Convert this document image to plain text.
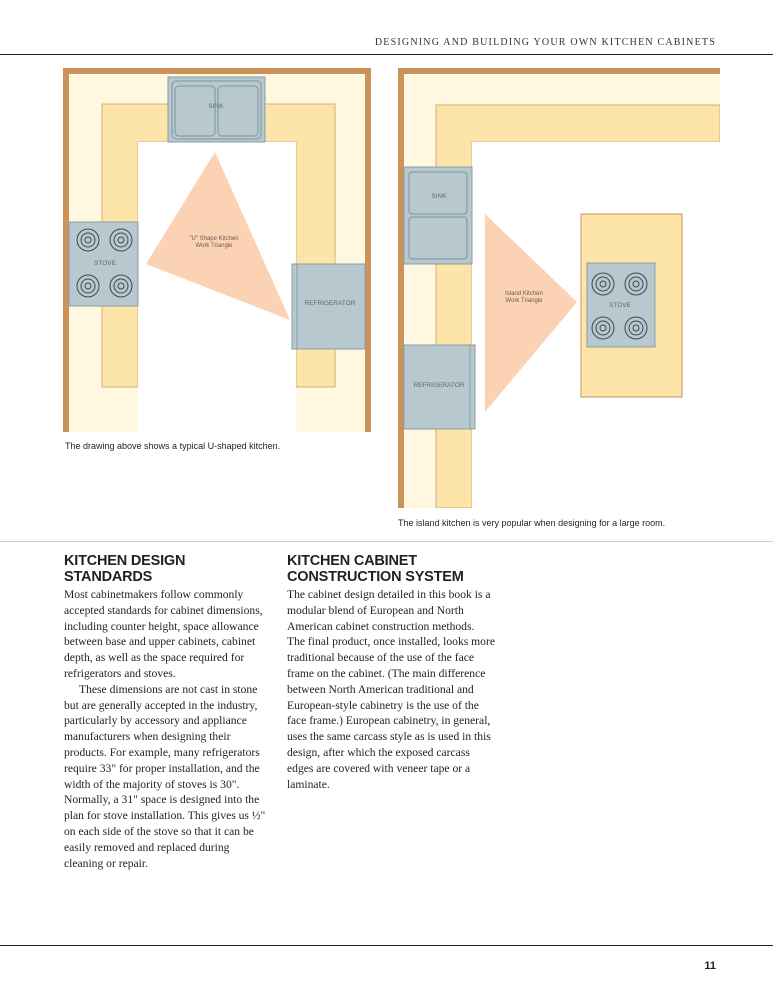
DESIGNING AND BUILDING YOUR OWN KITCHEN CABINETS
SINK
"U" Shape Kitchen
Work Triangle
STOVE
REFRIGERATOR
The drawing above shows a typical U-shaped kitchen.
SINK
Island Kitchen
Work Triangle
STOVE
REFRIGERATOR
The island kitchen is very popular when designing for a large room.
KITCHEN DESIGN STANDARDS

Most cabinetmakers follow commonly accepted standards for cabinet dimensions, including counter height, space allowance between base and upper cabinets, cabinet depth, as well as the space required for refrigerators and stoves.

These dimensions are not cast in stone but are generally accepted in the industry, particularly by accessory and appliance manufacturers when designing their products. For example, many refrigerators require 33" for proper installation, and the width of the majority of stoves is 30". Normally, a 31" space is designed into the plan for stove installation. This gives us ½" on each side of the stove so that it can be easily removed and replaced during cleaning or repair.

KITCHEN CABINET
CONSTRUCTION SYSTEM

The cabinet design detailed in this book is a modular blend of European and North American cabinet construction methods. The final product, once installed, looks more traditional because of the use of the face frame on the cabinet. (The main difference between North American traditional and European-style cabinetry is the use of the face frame.) European cabinetry, in general, uses the same carcass style as is used in this design, after which the exposed carcass edges are covered with veneer tape or a laminate.

11
